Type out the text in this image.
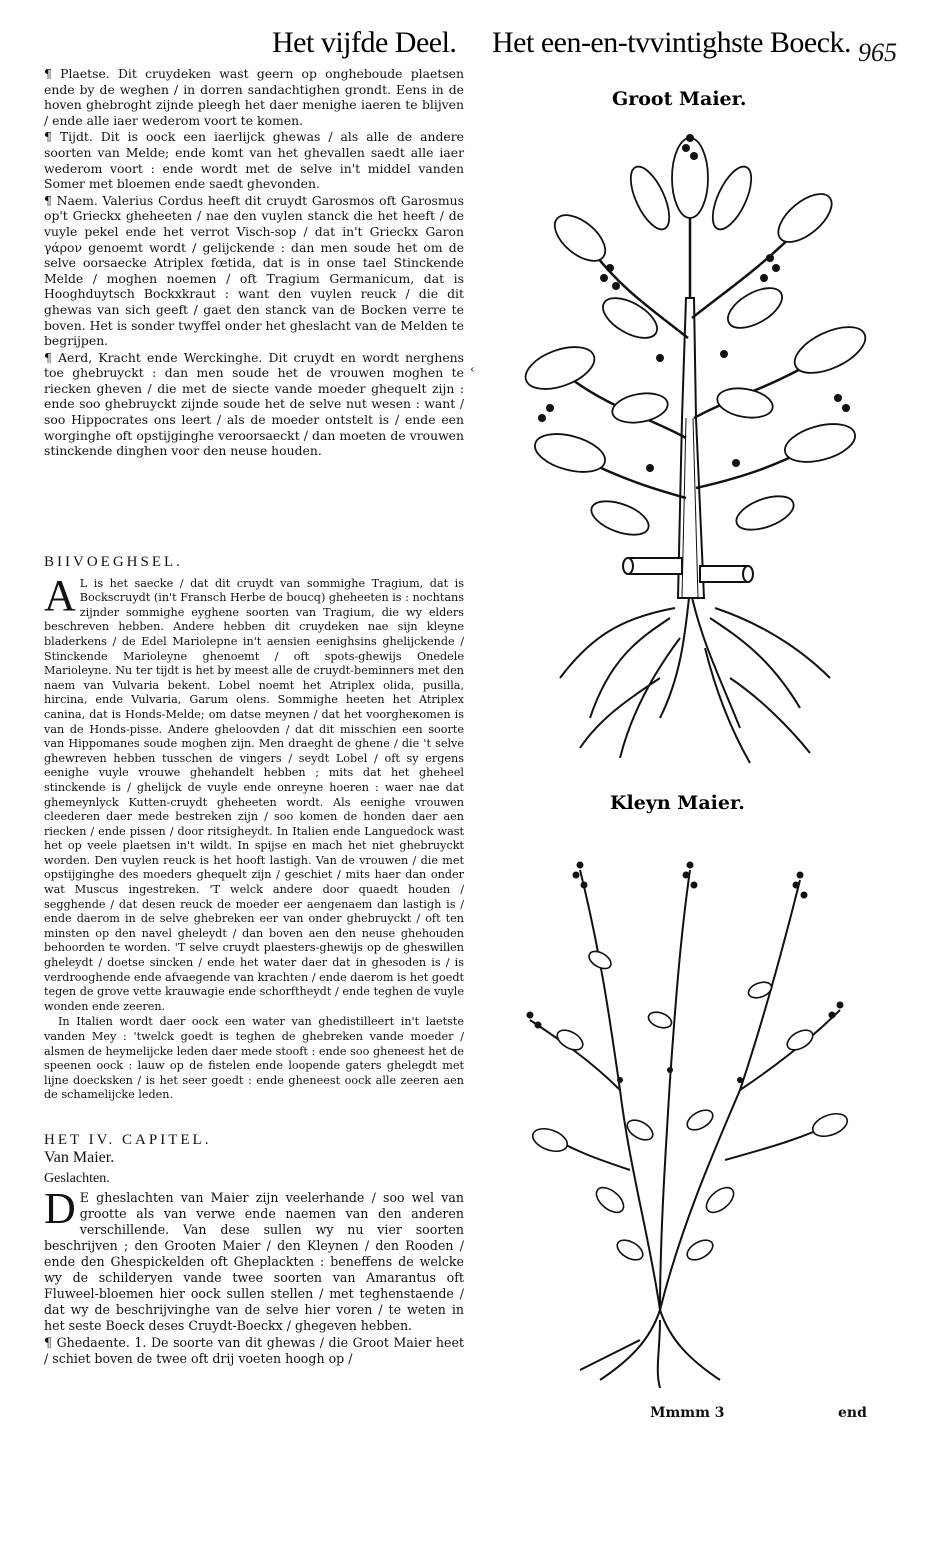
Het vijfde Deel. Het een-en-tvvintighste Boeck. 965

¶ Plaetse. Dit cruydeken wast geern op ongheboude plaetsen ende by de weghen / in dorren sandachtighen grondt. Eens in de hoven ghebroght zijnde pleegh het daer menighe iaeren te blijven / ende alle iaer wederom voort te komen.

¶ Tijdt. Dit is oock een iaerlijck ghewas / als alle de andere soorten van Melde; ende komt van het ghevallen saedt alle iaer wederom voort : ende wordt met de selve in't middel vanden Somer met bloemen ende saedt ghevonden.

¶ Naem. Valerius Cordus heeft dit cruydt Garosmos oft Garosmus op't Grieckx gheheeten / nae den vuylen stanck die het heeft / de vuyle pekel ende het verrot Visch-sop / dat in't Grieckx Garon γάρον genoemt wordt / gelijckende : dan men soude het om de selve oorsaecke Atriplex fœtida, dat is in onse tael Stinckende Melde / moghen noemen / oft Tragium Germanicum, dat is Hooghduytsch Bockxkraut : want den vuylen reuck / die dit ghewas van sich geeft / gaet den stanck van de Bocken verre te boven. Het is sonder twyffel onder het gheslacht van de Melden te begrijpen.

¶ Aerd, Kracht ende Werckinghe. Dit cruydt en wordt nerghens toe ghebruyckt : dan men soude het de vrouwen moghen te riecken gheven / die met de siecte vande moeder ghequelt zijn : ende soo ghebruyckt zijnde soude het de selve nut wesen : want / soo Hippocrates ons leert / als de moeder ontstelt is / ende een worginghe oft opstijginghe veroorsaeckt / dan moeten de vrouwen stinckende dinghen voor den neuse houden.

BIIVOEGHSEL.

A L is het saecke / dat dit cruydt van sommighe Tragium, dat is Bockscruydt (in't Fransch Herbe de boucq) gheheeten is : nochtans zijnder sommighe eyghene soorten van Tragium, die wy elders beschreven hebben. Andere hebben dit cruydeken nae sijn kleyne bladerkens / de Edel Mariolepne in't aensien eenighsins ghelijckende / Stinckende Marioleyne ghenoemt / oft spots-ghewijs Onedele Marioleyne. Nu ter tijdt is het by meest alle de cruydt-beminners met den naem van Vulvaria bekent. Lobel noemt het Atriplex olida, pusilla, hircina, ende Vulvaria, Garum olens. Sommighe heeten het Atriplex canina, dat is Honds-Melde; om datse meynen / dat het voorgheкomen is van de Honds-pisse. Andere gheloovden / dat dit misschien een soorte van Hippomanes soude moghen zijn. Men draeght de ghene / die 't selve ghewreven hebben tusschen de vingers / seydt Lobel / oft sy ergens eenighe vuyle vrouwe ghehandelt hebben ; mits dat het gheheel stinckende is / ghelijck de vuyle ende onreyne hoeren : waer nae dat ghemeynlyck Kutten-cruydt gheheeten wordt. Als eenighe vrouwen cleederen daer mede bestreken zijn / soo komen de honden daer aen riecken / ende pissen / door ritsigheydt. In Italien ende Languedock wast het op veele plaetsen in't wildt. In spijse en mach het niet ghebruyckt worden. Den vuylen reuck is het hooft lastigh. Van de vrouwen / die met opstijginghe des moeders ghequelt zijn / geschiet / mits haer dan onder wat Muscus ingestreken. 'T welck andere door quaedt houden / segghende / dat desen reuck de moeder eer aengenaem dan lastigh is / ende daerom in de selve ghebreken eer van onder ghebruyckt / oft ten minsten op den navel gheleydt / dan boven aen den neuse ghehouden behoorden te worden. 'T selve cruydt plaesters-ghewijs op de gheswillen gheleydt / doetse sincken / ende het water daer dat in ghesoden is / is verdrooghende ende afvaegende van krachten / ende daerom is het goedt tegen de grove vette krauwagie ende schorftheydt / ende teghen de vuyle wonden ende zeeren.

In Italien wordt daer oock een water van ghedistilleert in't laetste vanden Mey : 'twelck goedt is teghen de ghebreken vande moeder / alsmen de heymelijcke leden daer mede stooft : ende soo gheneest het de speenen oock : lauw op de fistelen ende loopende gaters ghelegdt met lijne doecksken / is het seer goedt : ende gheneest oock alle zeeren aen de schamelijcke leden.

HET IV. CAPITEL.

Van Maier.

Geslachten.

D E gheslachten van Maier zijn veelerhande / soo wel van grootte als van verwe ende naemen van den anderen verschillende. Van dese sullen wy nu vier soorten beschrijven ; den Grooten Maier / den Kleynen / den Rooden / ende den Ghespickelden oft Gheplackten : beneffens de welcke wy de schilderyen vande twee soorten van Amarantus oft Fluweel-bloemen hier oock sullen stellen / met teghenstaende / dat wy de beschrijvinghe van de selve hier voren / te weten in het seste Boeck deses Cruydt-Boeckx / ghegeven hebben.

¶ Ghedaente. 1. De soorte van dit ghewas / die Groot Maier heet / schiet boven de twee oft drij voeten hoogh op /

‹
Groot Maier.
Kleyn Maier.
Mmmm 3	end
